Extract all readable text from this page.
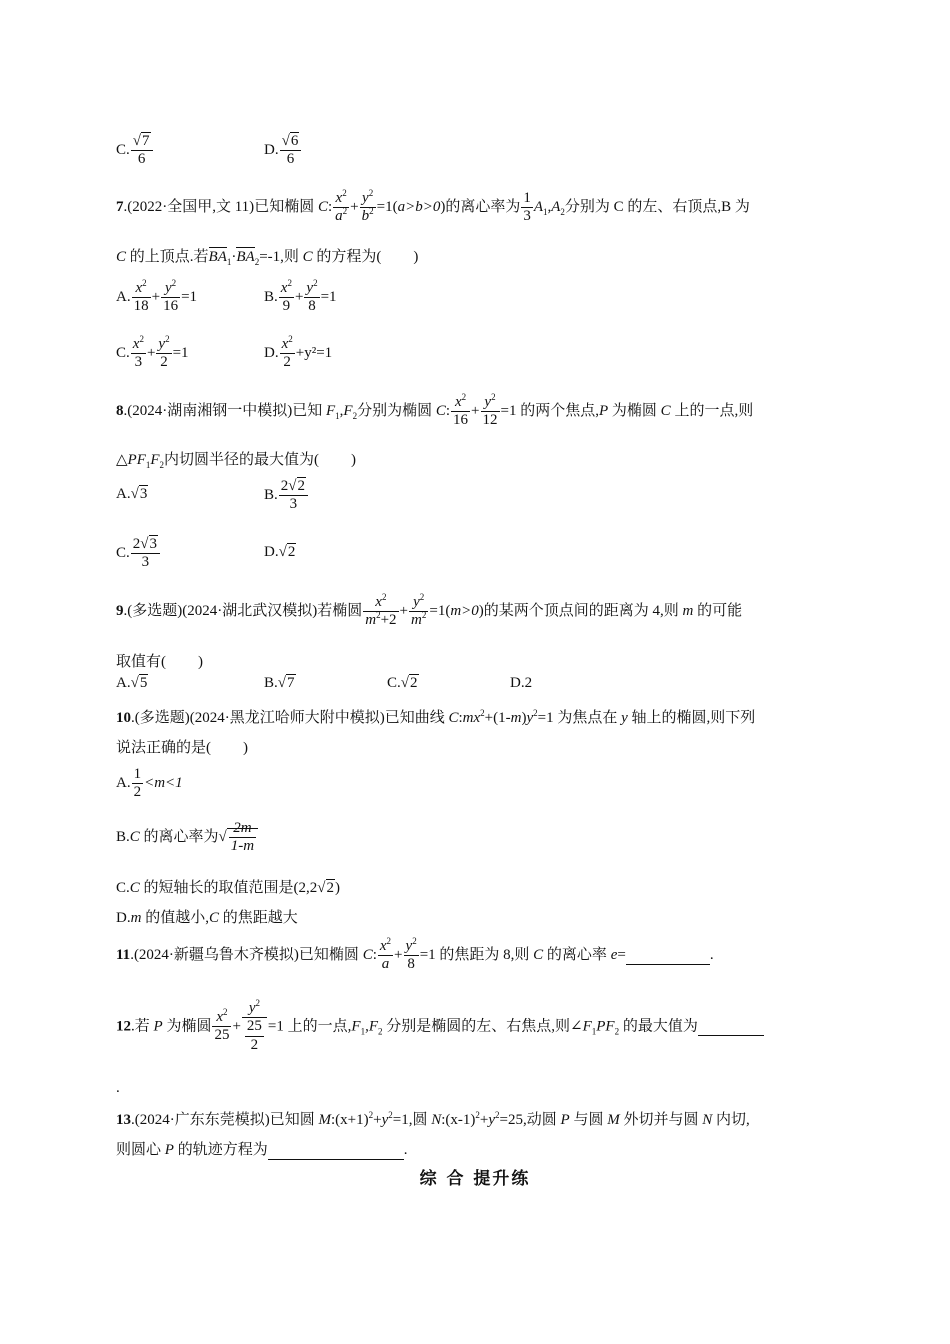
C. $\frac{√7}{6}$	D. $\frac{√6}{6}$
7.(2022·全国甲,文 11)已知椭圆 C: $\frac{x^2}{a^2} + \frac{y^2}{b^2} =1(a>b>0)$的离心率为 $\frac{1}{3} A_1,A_2$分别为 C 的左、右顶点,B 为
C 的上顶点.若$BA_1\cdot BA_2=-1$,则 C 的方程为( )
A. $\frac{x^2}{18} + \frac{y^2}{16} =1$	B. $\frac{x^2}{9} + \frac{y^2}{8} =1$
C. $\frac{x^2}{3} + \frac{y^2}{2} =1$	D. $\frac{x^2}{2} +y^2=1$
8.(2024·湖南湘钢一中模拟)已知 $F_1,F_2$分别为椭圆 C: $\frac{x^2}{16} + \frac{y^2}{12} =1$ 的两个焦点,P 为椭圆 C 上的一点,则
$\triangle PF_1F_2$内切圆半径的最大值为( )
A.√3	B. $\frac{2√2}{3}$
C. $\frac{2√3}{3}$	D.√2
9.(多选题)(2024·湖北武汉模拟)若椭圆 $\frac{x^2}{m^2+2} + \frac{y^2}{m^2} =1(m>0)$的某两个顶点间的距离为 4,则 m 的可能
取值有( )
A.√5	B.√7	C.√2	D.2
10.(多选题)(2024·黑龙江哈师大附中模拟)已知曲线 $C:mx^2+(1-m)y^2=1$ 为焦点在 y 轴上的椭圆,则下列
说法正确的是( )
A. $\frac{1}{2} <m<1$
B.C 的离心率为√ $\frac{2m}{1-m}$
C.C 的短轴长的取值范围是(2,2√2)
D.m 的值越小,C 的焦距越大
11.(2024·新疆乌鲁木齐模拟)已知椭圆 C: $\frac{x^2}{a} + \frac{y^2}{8} =1$ 的焦距为 8,则 C 的离心率 e=	.
12.若 P 为椭圆 $\frac{x^2}{25} + \frac{y^2}{\frac{25}{2}} =1$ 上的一点$,F_1,F_2$ 分别是椭圆的左、右焦点,则$\angle F_1PF_2$ 的最大值为
.
13.(2024·广东东莞模拟)已知圆 $M:(x+1)^2+y^2=1$,圆 $N:(x-1)^2+y^2=25$,动圆 P 与圆 M 外切并与圆 N 内切,
则圆心 P 的轨迹方程为	.
综 合 提升练
